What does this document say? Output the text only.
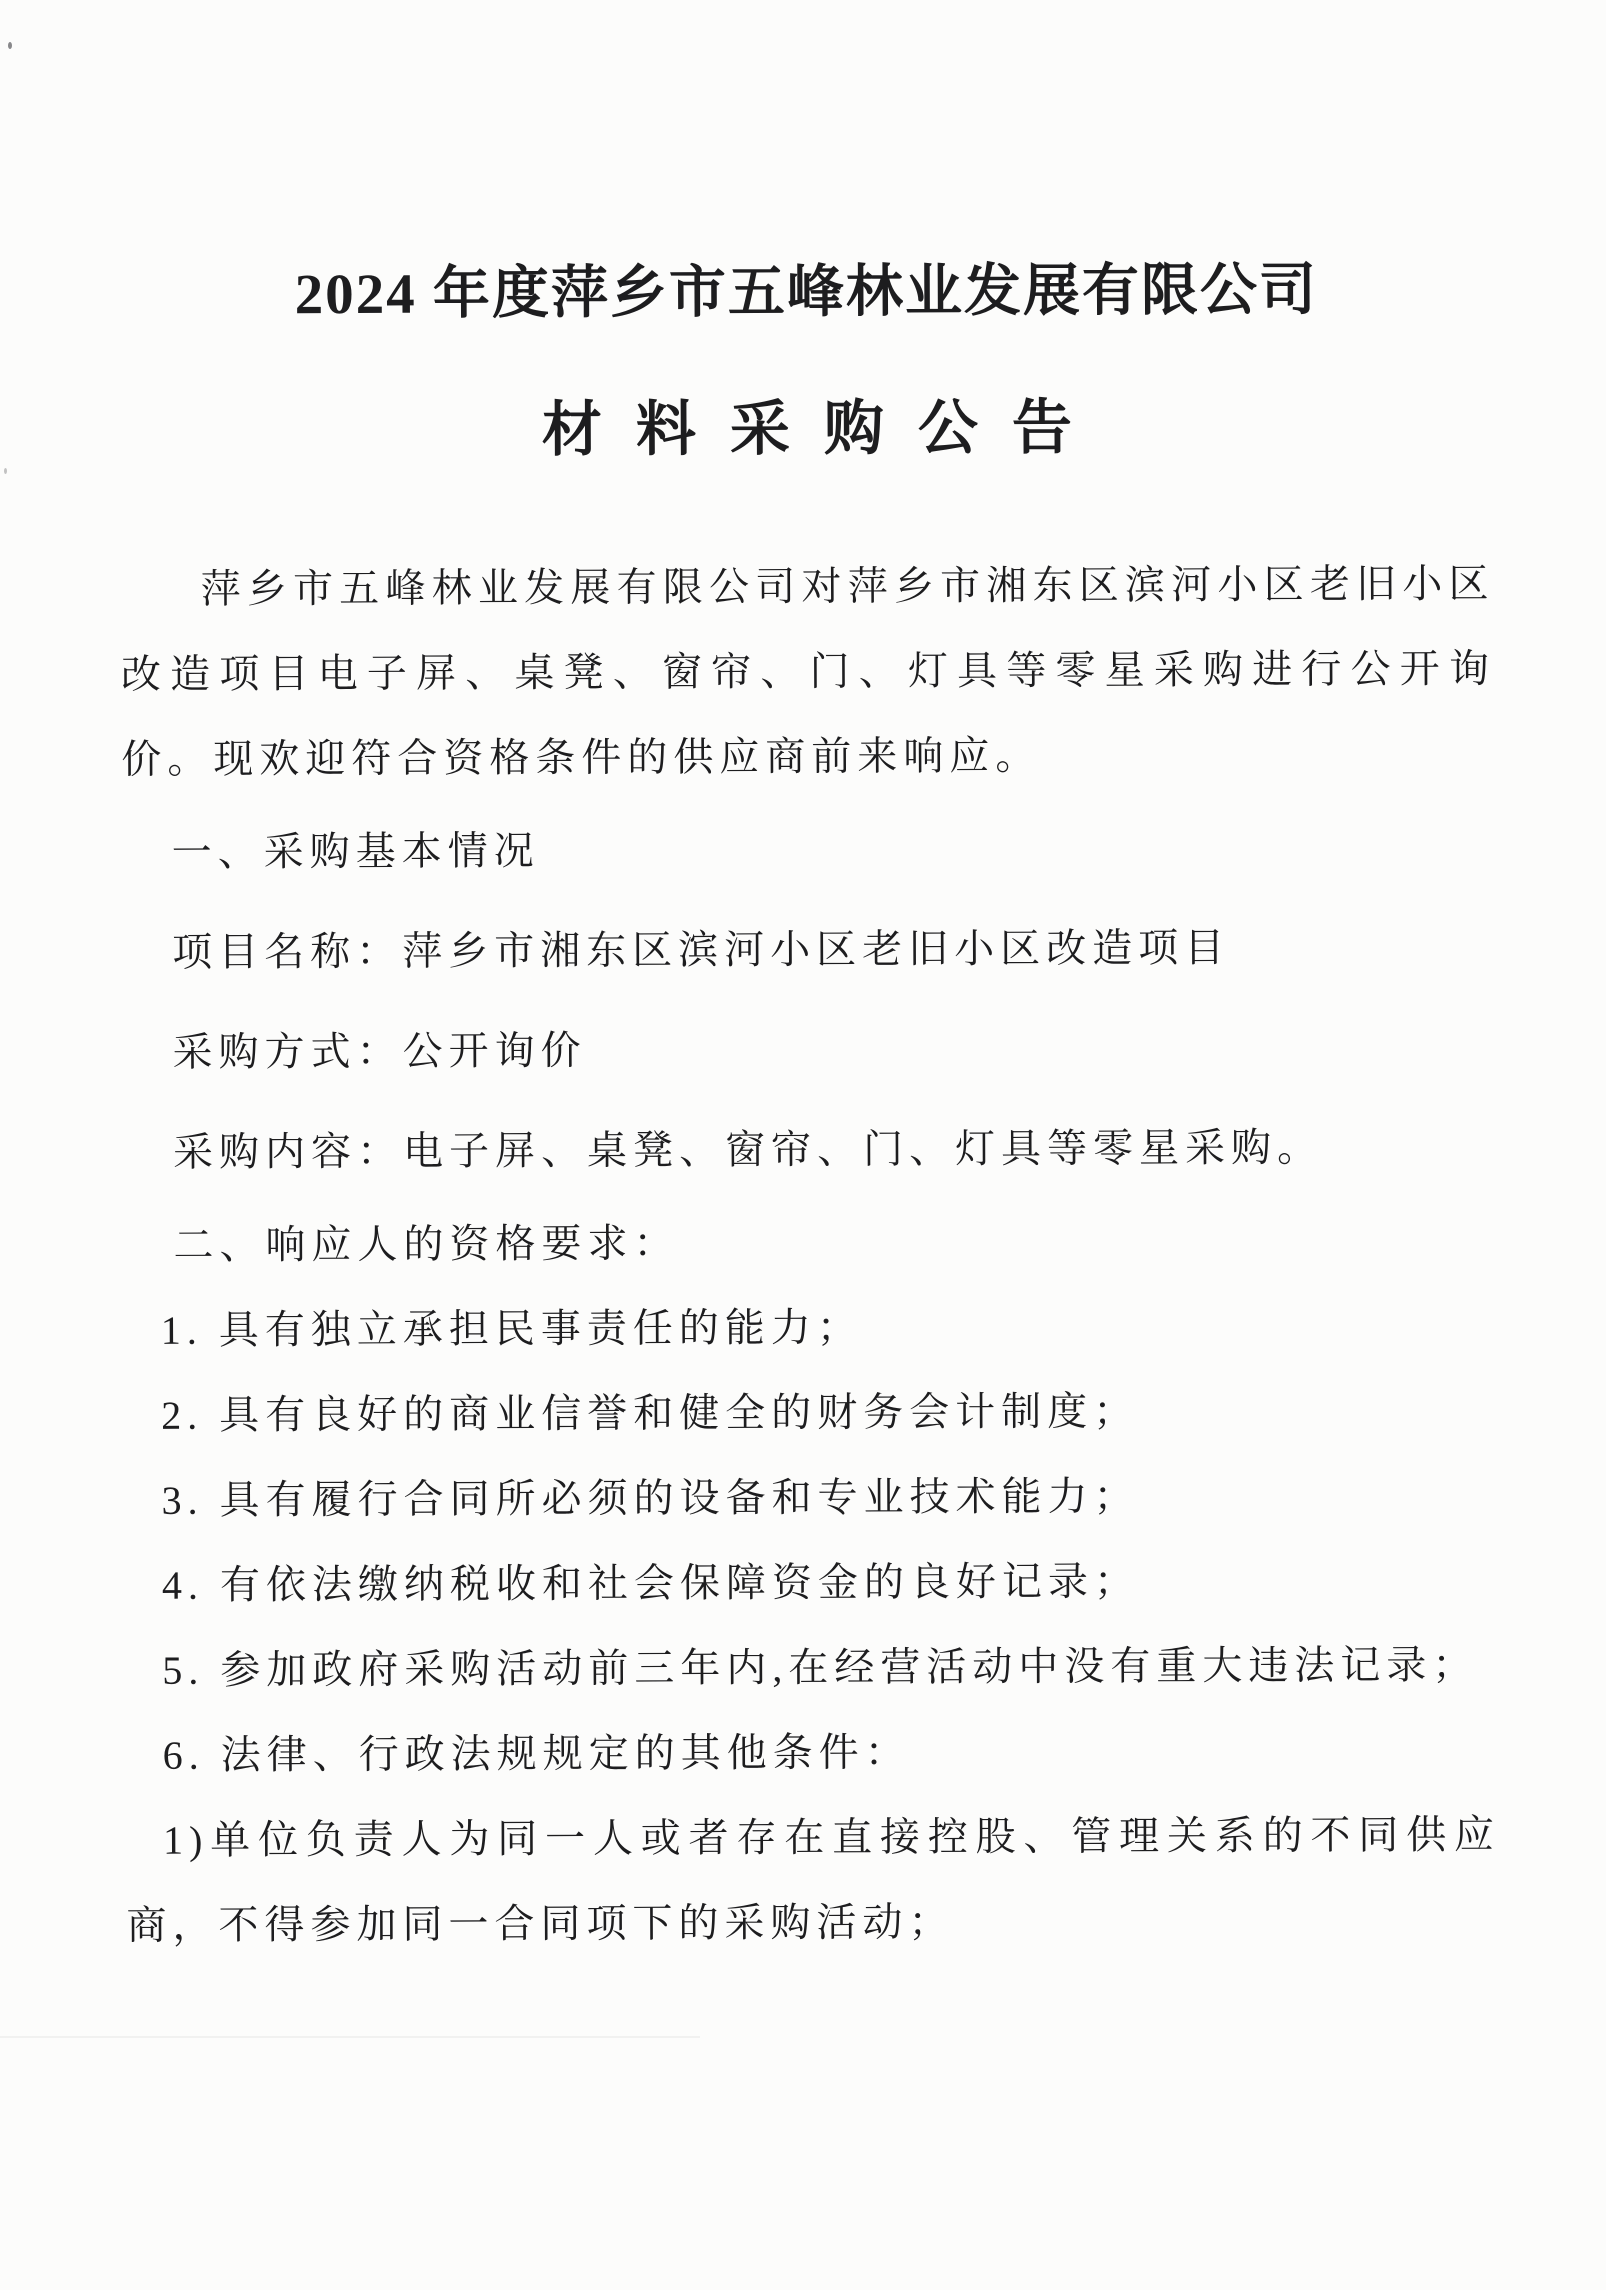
2024 年度萍乡市五峰林业发展有限公司
材料采购公告

萍乡市五峰林业发展有限公司对萍乡市湘东区滨河小区老旧小区改造项目电子屏、桌凳、窗帘、门、灯具等零星采购进行公开询价。现欢迎符合资格条件的供应商前来响应。

一、采购基本情况

项目名称：萍乡市湘东区滨河小区老旧小区改造项目

采购方式：公开询价

采购内容：电子屏、桌凳、窗帘、门、灯具等零星采购。

二、响应人的资格要求：

1. 具有独立承担民事责任的能力；

2. 具有良好的商业信誉和健全的财务会计制度；

3. 具有履行合同所必须的设备和专业技术能力；

4. 有依法缴纳税收和社会保障资金的良好记录；

5. 参加政府采购活动前三年内,在经营活动中没有重大违法记录；

6. 法律、行政法规规定的其他条件：

1)单位负责人为同一人或者存在直接控股、管理关系的不同供应商，不得参加同一合同项下的采购活动；
